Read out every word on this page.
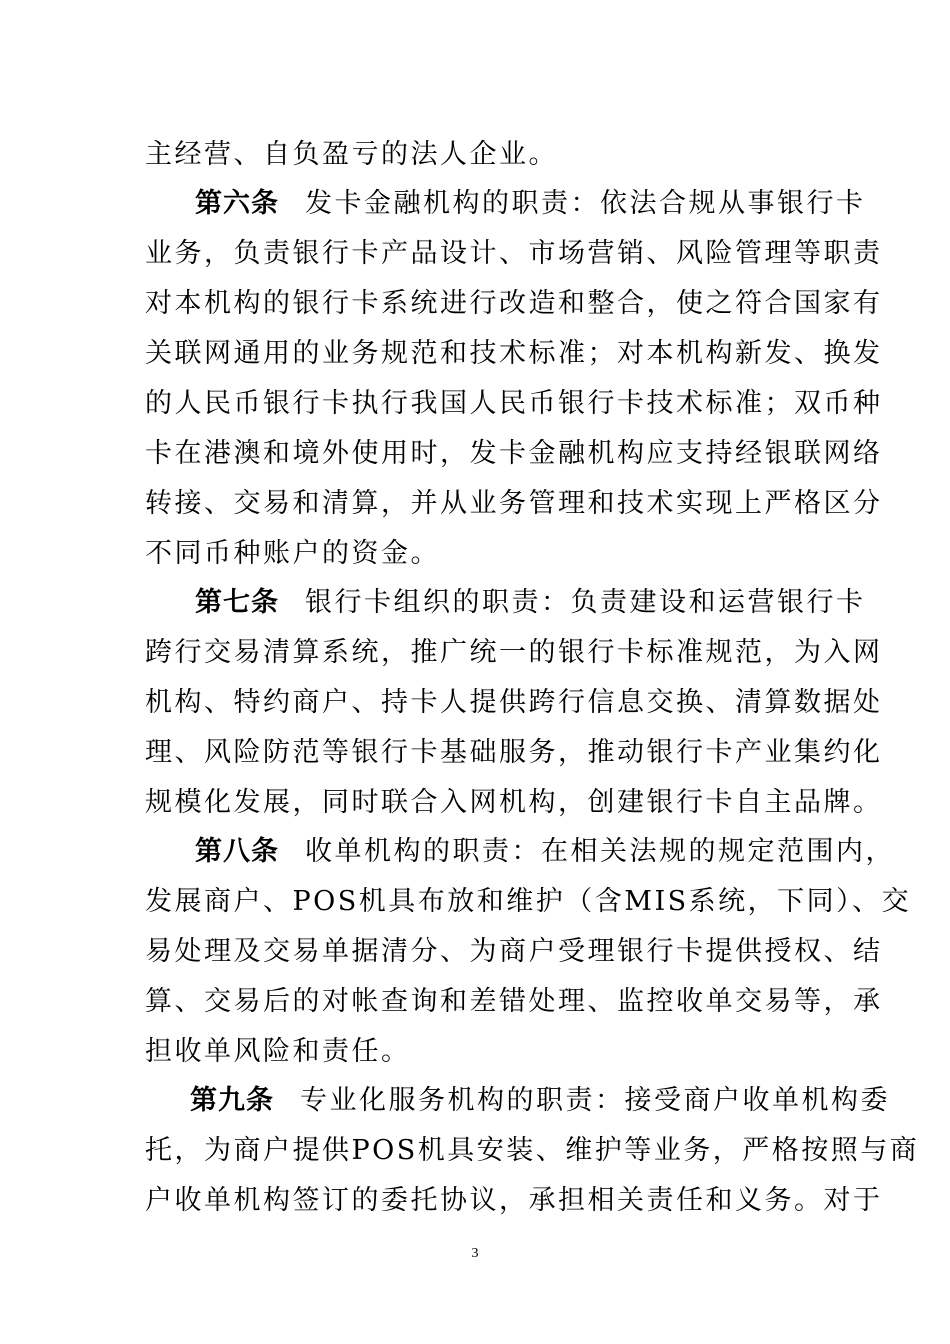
主经营、自负盈亏的法人企业。
第六条 发卡金融机构的职责：依法合规从事银行卡
业务，负责银行卡产品设计、市场营销、风险管理等职责
对本机构的银行卡系统进行改造和整合，使之符合国家有
关联网通用的业务规范和技术标准；对本机构新发、换发
的人民币银行卡执行我国人民币银行卡技术标准；双币种
卡在港澳和境外使用时，发卡金融机构应支持经银联网络
转接、交易和清算，并从业务管理和技术实现上严格区分
不同币种账户的资金。
第七条 银行卡组织的职责：负责建设和运营银行卡
跨行交易清算系统，推广统一的银行卡标准规范，为入网
机构、特约商户、持卡人提供跨行信息交换、清算数据处
理、风险防范等银行卡基础服务，推动银行卡产业集约化
规模化发展，同时联合入网机构，创建银行卡自主品牌。
第八条 收单机构的职责：在相关法规的规定范围内，
发展商户、POS机具布放和维护（含MIS系统，下同）、交
易处理及交易单据清分、为商户受理银行卡提供授权、结
算、交易后的对帐查询和差错处理、监控收单交易等，承
担收单风险和责任。
第九条 专业化服务机构的职责：接受商户收单机构委
托，为商户提供POS机具安装、维护等业务，严格按照与商
户收单机构签订的委托协议，承担相关责任和义务。对于
3
